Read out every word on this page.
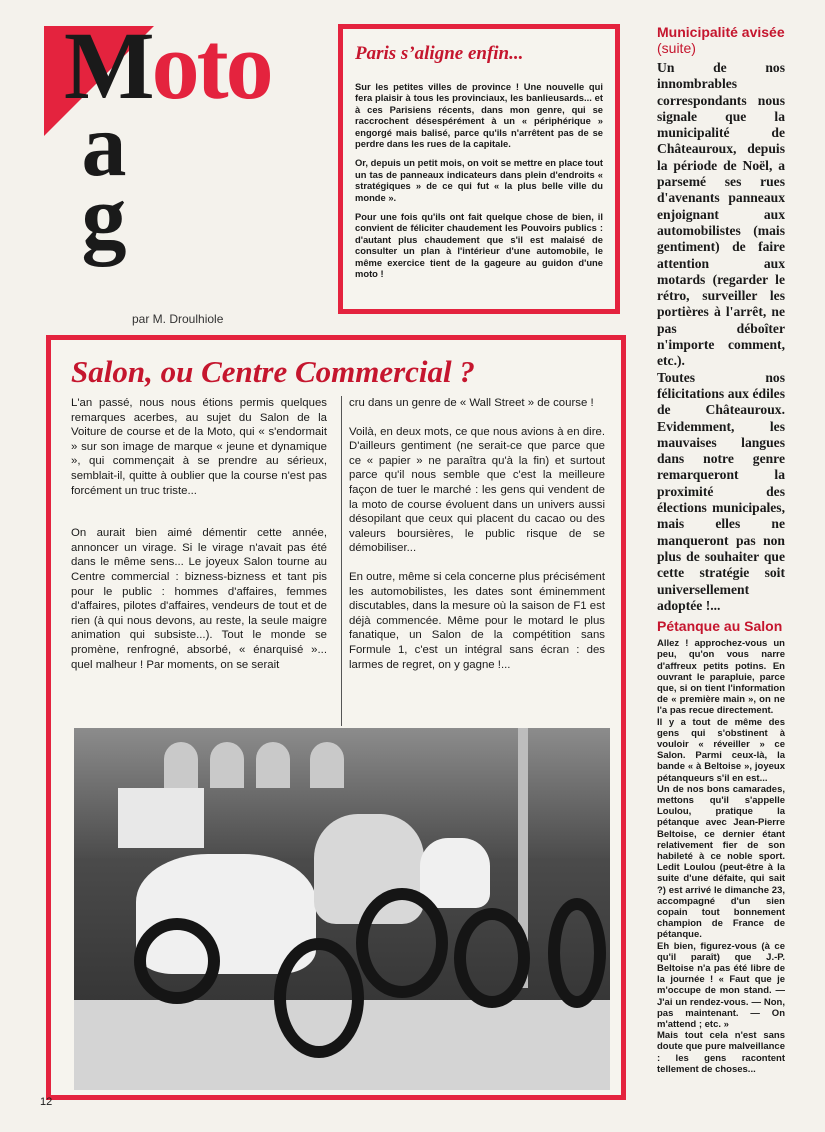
Moto
a
g
par M. Droulhiole
Paris s’aligne enfin...

Sur les petites villes de province ! Une nouvelle qui fera plaisir à tous les provinciaux, les banlieusards... et à ces Parisiens récents, dans mon genre, qui se raccrochent désespérément à un « périphérique » engorgé mais balisé, parce qu'ils n'arrêtent pas de se perdre dans les rues de la capitale.

Or, depuis un petit mois, on voit se mettre en place tout un tas de panneaux indicateurs dans plein d'endroits « stratégiques » de ce qui fut « la plus belle ville du monde ».

Pour une fois qu'ils ont fait quelque chose de bien, il convient de féliciter chaudement les Pouvoirs publics : d'autant plus chaudement que s'il est malaisé de consulter un plan à l'intérieur d'une automobile, le même exercice tient de la gageure au guidon d'une moto !

Salon, ou Centre Commercial ?

L'an passé, nous nous étions permis quelques remarques acerbes, au sujet du Salon de la Voiture de course et de la Moto, qui « s'endormait » sur son image de marque « jeune et dynamique », qui commençait à se prendre au sérieux, semblait-il, quitte à oublier que la course n'est pas forcément un truc triste...

On aurait bien aimé démentir cette année, annoncer un virage. Si le virage n'avait pas été dans le même sens... Le joyeux Salon tourne au Centre commercial : bizness-bizness et tant pis pour le public : hommes d'affaires, femmes d'affaires, pilotes d'affaires, vendeurs de tout et de rien (à qui nous devons, au reste, la seule maigre animation qui subsiste...). Tout le monde se promène, renfrogné, absorbé, « énarquisé »... quel malheur ! Par moments, on se serait

cru dans un genre de « Wall Street » de course !

Voilà, en deux mots, ce que nous avions à en dire. D'ailleurs gentiment (ne serait-ce que parce que ce « papier » ne paraîtra qu'à la fin) et surtout parce qu'il nous semble que c'est la meilleure façon de tuer le marché : les gens qui vendent de la moto de course évoluent dans un univers aussi désopilant que ceux qui placent du cacao ou des valeurs boursières, le public risque de se démobiliser...

En outre, même si cela concerne plus précisément les automobilistes, les dates sont éminemment discutables, dans la mesure où la saison de F1 est déjà commencée. Même pour le motard le plus fanatique, un Salon de la compétition sans Formule 1, c'est un intégral sans écran : des larmes de regret, on y gagne !...

12

Municipalité avisée (suite)

Un de nos innombrables correspondants nous signale que la municipalité de Châteauroux, depuis la période de Noël, a parsemé ses rues d'avenants panneaux enjoignant aux automobilistes (mais gentiment) de faire attention aux motards (regarder le rétro, surveiller les portières à l'arrêt, ne pas déboîter n'importe comment, etc.).

Toutes nos félicitations aux édiles de Châteauroux. Evidemment, les mauvaises langues dans notre genre remarqueront la proximité des élections municipales, mais elles ne manqueront pas non plus de souhaiter que cette stratégie soit universellement adoptée !...

Pétanque au Salon

Allez ! approchez-vous un peu, qu'on vous narre d'affreux petits potins. En ouvrant le parapluie, parce que, si on tient l'information de « première main », on ne l'a pas recue directement.

Il y a tout de même des gens qui s'obstinent à vouloir « réveiller » ce Salon. Parmi ceux-là, la bande « à Beltoise », joyeux pétanqueurs s'il en est...

Un de nos bons camarades, mettons qu'il s'appelle Loulou, pratique la pétanque avec Jean-Pierre Beltoise, ce dernier étant relativement fier de son habileté à ce noble sport. Ledit Loulou (peut-être à la suite d'une défaite, qui sait ?) est arrivé le dimanche 23, accompagné d'un sien copain tout bonnement champion de France de pétanque.

Eh bien, figurez-vous (à ce qu'il paraît) que J.-P. Beltoise n'a pas été libre de la journée ! « Faut que je m'occupe de mon stand. — J'ai un rendez-vous. — Non, pas maintenant. — On m'attend ; etc. »

Mais tout cela n'est sans doute que pure malveillance : les gens racontent tellement de choses...
